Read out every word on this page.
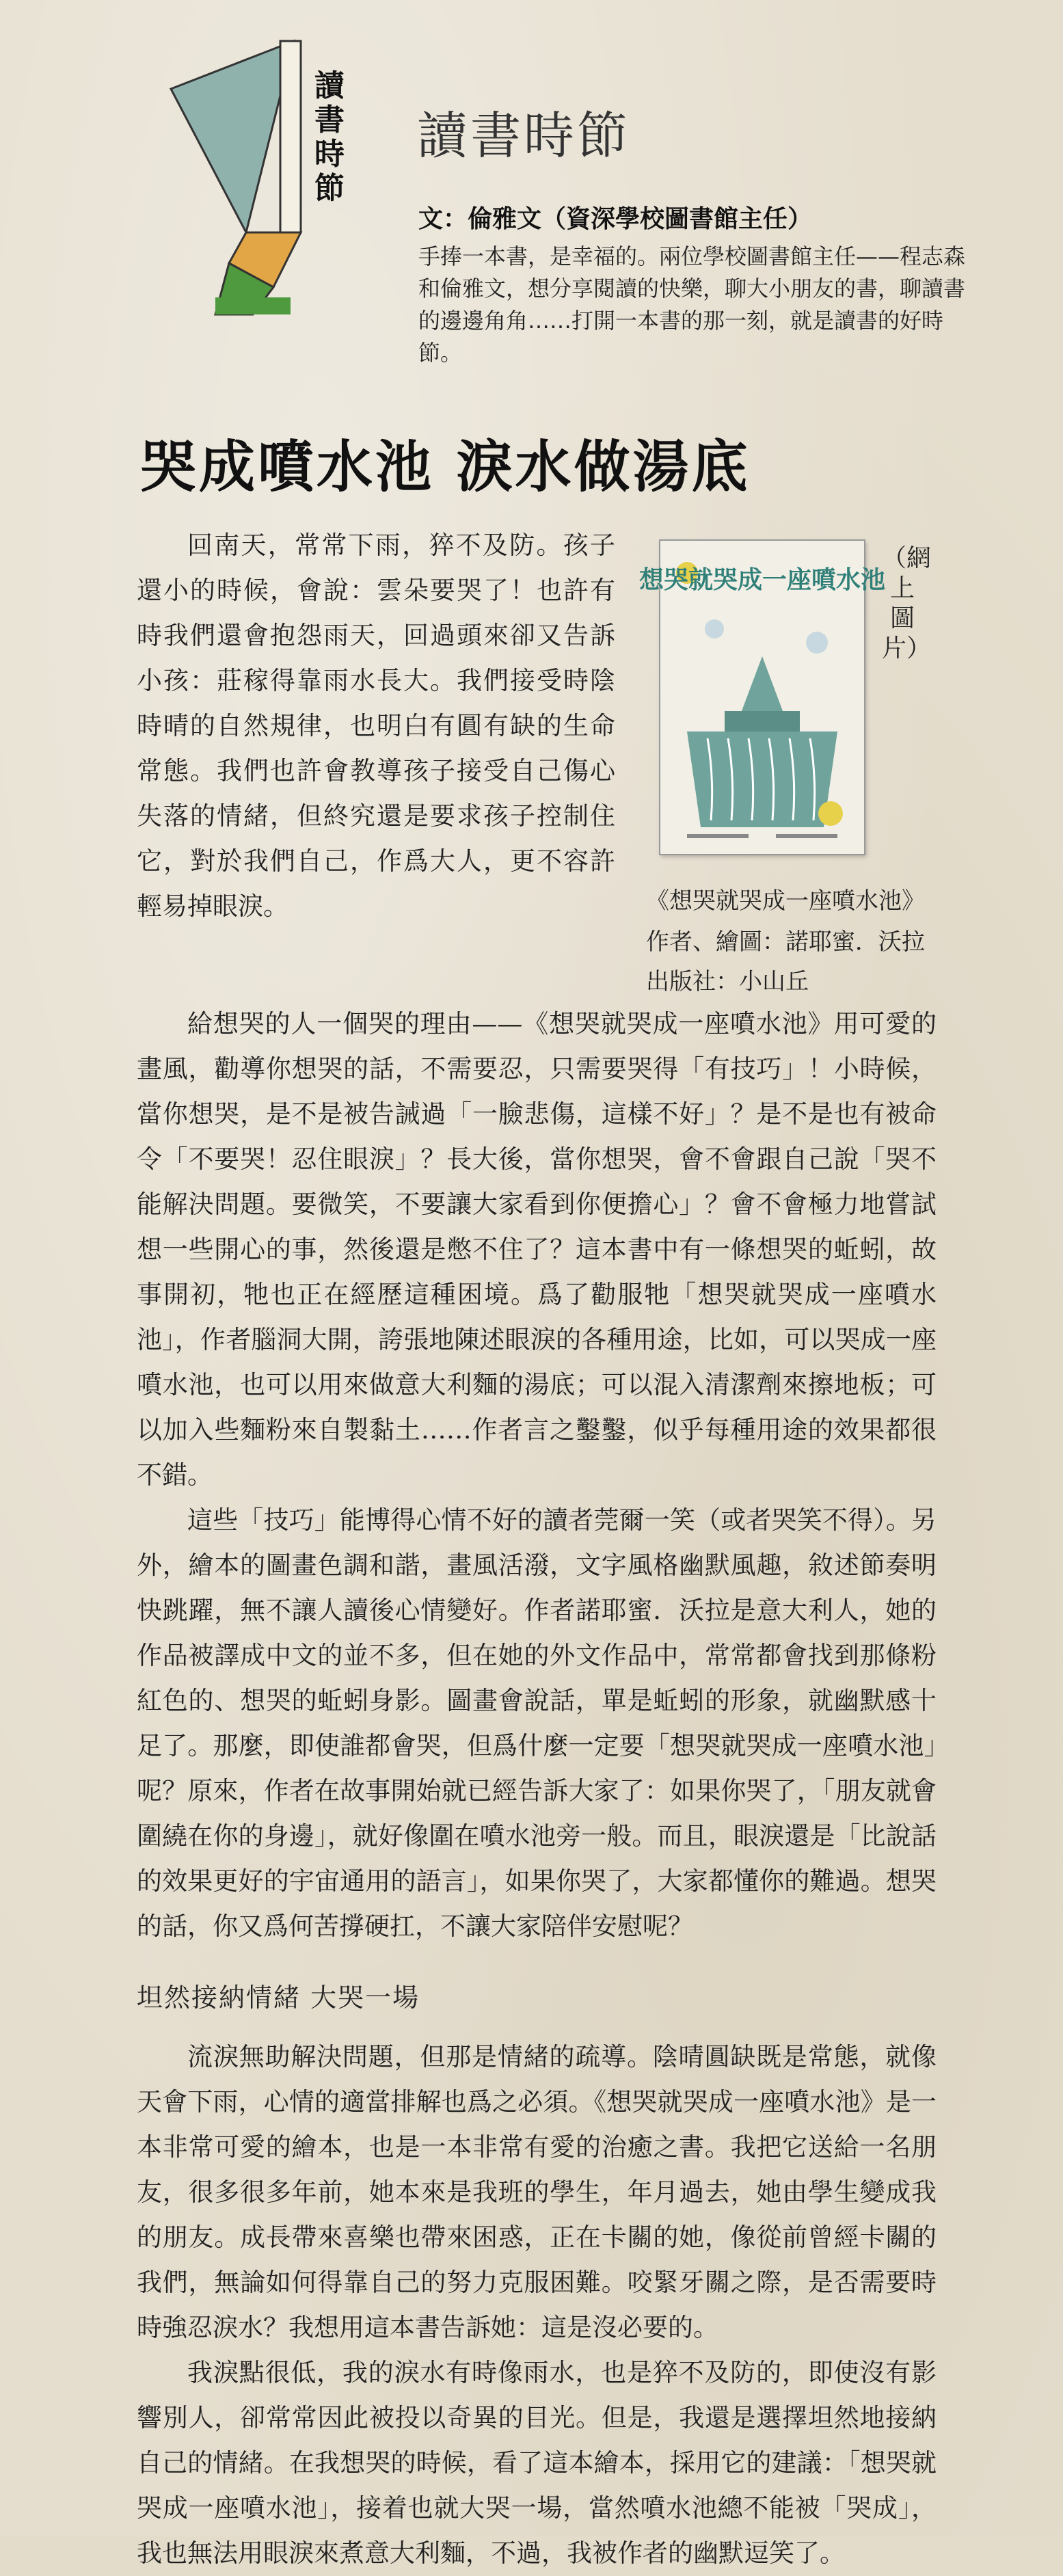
讀
書
時
節
讀書時節
文：倫雅文（資深學校圖書館主任）
手捧一本書，是幸福的。兩位學校圖書館主任——程志森和倫雅文，想分享閱讀的快樂，聊大小朋友的書，聊讀書的邊邊角角……打開一本書的那一刻，就是讀書的好時節。
哭成噴水池 淚水做湯底

回南天，常常下雨，猝不及防。孩子還小的時候，會說：雲朵要哭了！也許有時我們還會抱怨雨天，回過頭來卻又告訴小孩：莊稼得靠雨水長大。我們接受時陰時晴的自然規律，也明白有圓有缺的生命常態。我們也許會教導孩子接受自己傷心失落的情緒，但終究還是要求孩子控制住它，對於我們自己，作爲大人，更不容許輕易掉眼淚。

想哭就哭成一座噴水池
（網上圖片）
《想哭就哭成一座噴水池》
作者、繪圖：諾耶蜜．沃拉
出版社：小山丘

給想哭的人一個哭的理由——《想哭就哭成一座噴水池》用可愛的畫風，勸導你想哭的話，不需要忍，只需要哭得「有技巧」！小時候，當你想哭，是不是被告誡過「一臉悲傷，這樣不好」？是不是也有被命令「不要哭！忍住眼淚」？長大後，當你想哭，會不會跟自己說「哭不能解決問題。要微笑，不要讓大家看到你便擔心」？會不會極力地嘗試想一些開心的事，然後還是憋不住了？這本書中有一條想哭的蚯蚓，故事開初，牠也正在經歷這種困境。爲了勸服牠「想哭就哭成一座噴水池」，作者腦洞大開，誇張地陳述眼淚的各種用途，比如，可以哭成一座噴水池，也可以用來做意大利麵的湯底；可以混入清潔劑來擦地板；可以加入些麵粉來自製黏土……作者言之鑿鑿，似乎每種用途的效果都很不錯。

這些「技巧」能博得心情不好的讀者莞爾一笑（或者哭笑不得）。另外，繪本的圖畫色調和諧，畫風活潑，文字風格幽默風趣，敘述節奏明快跳躍，無不讓人讀後心情變好。作者諾耶蜜．沃拉是意大利人，她的作品被譯成中文的並不多，但在她的外文作品中，常常都會找到那條粉紅色的、想哭的蚯蚓身影。圖畫會說話，單是蚯蚓的形象，就幽默感十足了。那麼，即使誰都會哭，但爲什麼一定要「想哭就哭成一座噴水池」呢？原來，作者在故事開始就已經告訴大家了：如果你哭了，「朋友就會圍繞在你的身邊」，就好像圍在噴水池旁一般。而且，眼淚還是「比說話的效果更好的宇宙通用的語言」，如果你哭了，大家都懂你的難過。想哭的話，你又爲何苦撐硬扛，不讓大家陪伴安慰呢？

坦然接納情緒 大哭一場

流淚無助解決問題，但那是情緒的疏導。陰晴圓缺既是常態，就像天會下雨，心情的適當排解也爲之必須。《想哭就哭成一座噴水池》是一本非常可愛的繪本，也是一本非常有愛的治癒之書。我把它送給一名朋友，很多很多年前，她本來是我班的學生，年月過去，她由學生變成我的朋友。成長帶來喜樂也帶來困惑，正在卡關的她，像從前曾經卡關的我們，無論如何得靠自己的努力克服困難。咬緊牙關之際，是否需要時時強忍淚水？我想用這本書告訴她：這是沒必要的。

我淚點很低，我的淚水有時像雨水，也是猝不及防的，即使沒有影響別人，卻常常因此被投以奇異的目光。但是，我還是選擇坦然地接納自己的情緒。在我想哭的時候，看了這本繪本，採用它的建議：「想哭就哭成一座噴水池」，接着也就大哭一場，當然噴水池總不能被「哭成」，我也無法用眼淚來煮意大利麵，不過，我被作者的幽默逗笑了。
